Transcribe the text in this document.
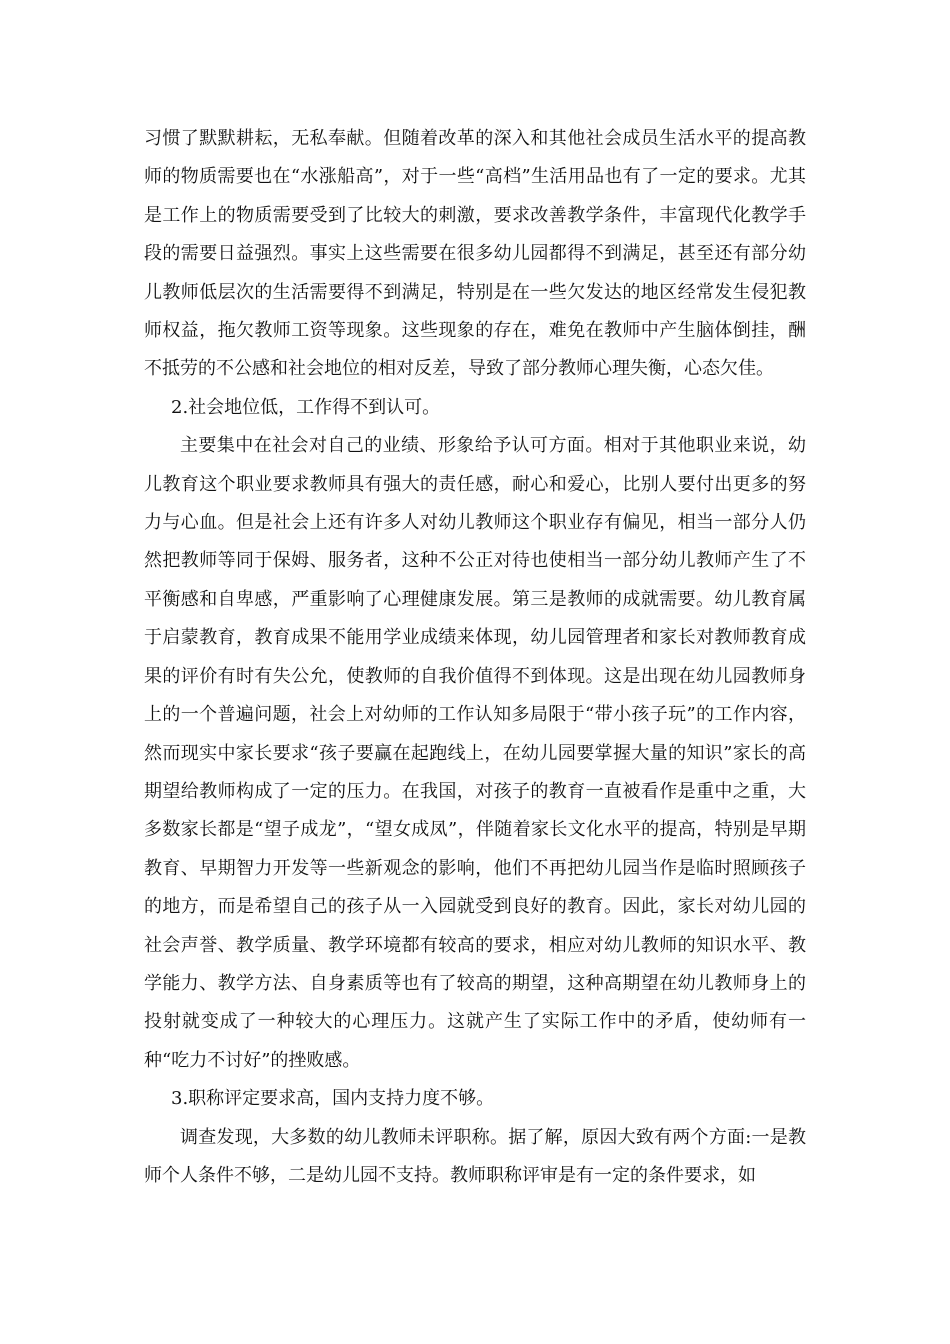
习惯了默默耕耘，无私奉献。但随着改革的深入和其他社会成员生活水平的提高教师的物质需要也在“水涨船高”，对于一些“高档”生活用品也有了一定的要求。尤其是工作上的物质需要受到了比较大的刺激，要求改善教学条件，丰富现代化教学手段的需要日益强烈。事实上这些需要在很多幼儿园都得不到满足，甚至还有部分幼儿教师低层次的生活需要得不到满足，特别是在一些欠发达的地区经常发生侵犯教师权益，拖欠教师工资等现象。这些现象的存在，难免在教师中产生脑体倒挂，酬不抵劳的不公感和社会地位的相对反差，导致了部分教师心理失衡，心态欠佳。

2.社会地位低，工作得不到认可。

主要集中在社会对自己的业绩、形象给予认可方面。相对于其他职业来说，幼儿教育这个职业要求教师具有强大的责任感，耐心和爱心，比别人要付出更多的努力与心血。但是社会上还有许多人对幼儿教师这个职业存有偏见，相当一部分人仍然把教师等同于保姆、服务者，这种不公正对待也使相当一部分幼儿教师产生了不平衡感和自卑感，严重影响了心理健康发展。第三是教师的成就需要。幼儿教育属于启蒙教育，教育成果不能用学业成绩来体现，幼儿园管理者和家长对教师教育成果的评价有时有失公允，使教师的自我价值得不到体现。这是出现在幼儿园教师身上的一个普遍问题，社会上对幼师的工作认知多局限于“带小孩子玩”的工作内容，然而现实中家长要求“孩子要赢在起跑线上，在幼儿园要掌握大量的知识”家长的高期望给教师构成了一定的压力。在我国，对孩子的教育一直被看作是重中之重，大多数家长都是“望子成龙”，“望女成凤”，伴随着家长文化水平的提高，特别是早期教育、早期智力开发等一些新观念的影响，他们不再把幼儿园当作是临时照顾孩子的地方，而是希望自己的孩子从一入园就受到良好的教育。因此，家长对幼儿园的社会声誉、教学质量、教学环境都有较高的要求，相应对幼儿教师的知识水平、教学能力、教学方法、自身素质等也有了较高的期望，这种高期望在幼儿教师身上的投射就变成了一种较大的心理压力。这就产生了实际工作中的矛盾，使幼师有一种“吃力不讨好”的挫败感。

3.职称评定要求高，国内支持力度不够。

调查发现，大多数的幼儿教师未评职称。据了解，原因大致有两个方面:一是教师个人条件不够，二是幼儿园不支持。教师职称评审是有一定的条件要求，如
